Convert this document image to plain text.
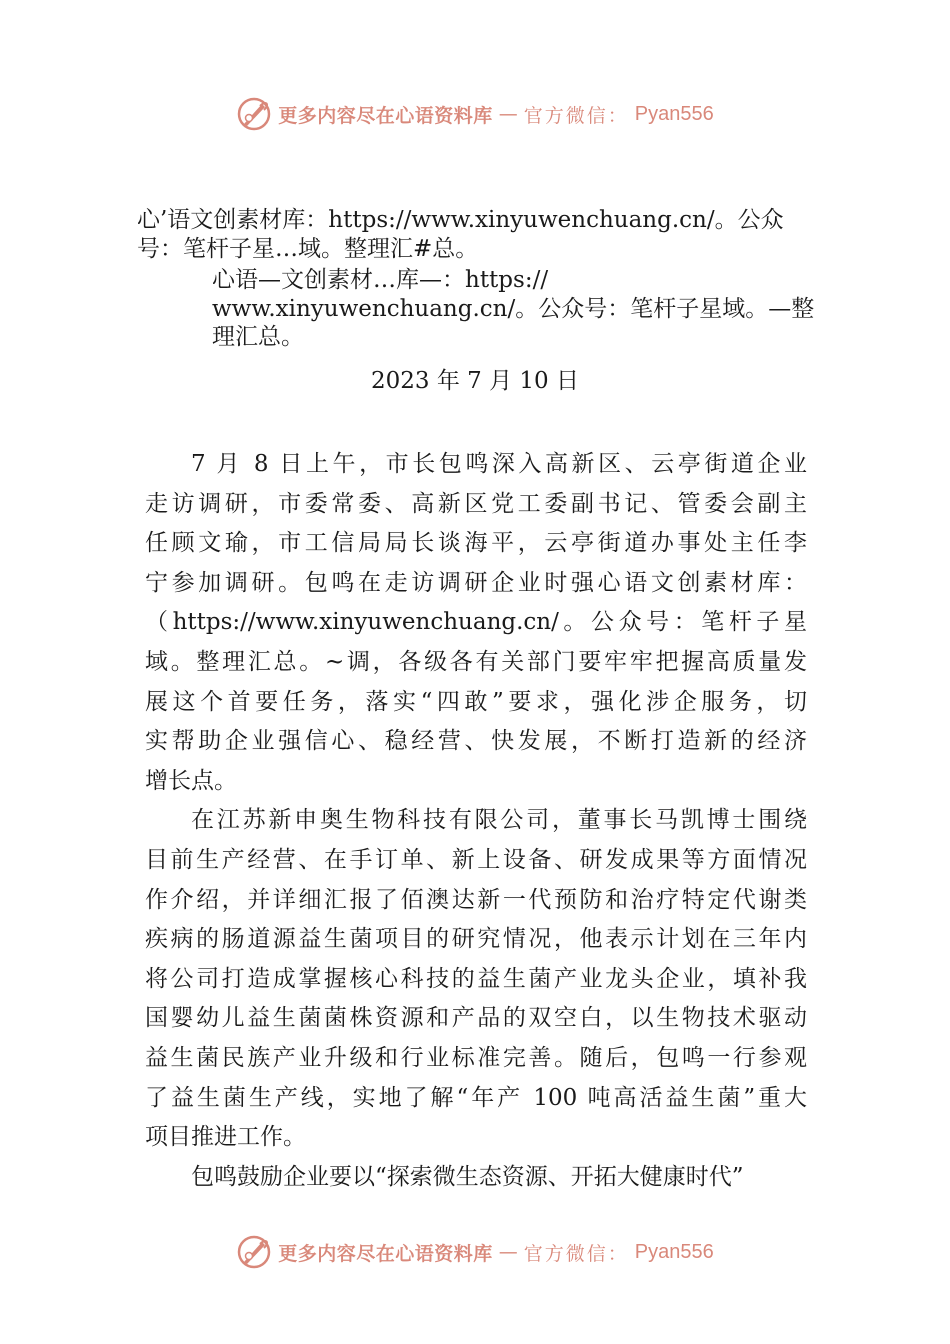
更多内容尽在心语资料库 — 官方微信： Pyan556
心’语文创素材库：https://www.xinyuwenchuang.cn/。公众
号：笔杆子星…域。整理汇#总。
心语—文创素材…库—：https://
www.xinyuwenchuang.cn/。公众号：笔杆子星域。—整
理汇总。
2023 年 7 月 10 日

7 月 8 日上午，市长包鸣深入高新区、云亭街道企业
走访调研，市委常委、高新区党工委副书记、管委会副主
任顾文瑜，市工信局局长谈海平，云亭街道办事处主任李
宁参加调研。包鸣在走访调研企业时强心语文创素材库：
（https://www.xinyuwenchuang.cn/。公众号：笔杆子星
域。整理汇总。~调，各级各有关部门要牢牢把握高质量发
展这个首要任务，落实“四敢”要求，强化涉企服务，切
实帮助企业强信心、稳经营、快发展，不断打造新的经济
增长点。

在江苏新申奥生物科技有限公司，董事长马凯博士围绕
目前生产经营、在手订单、新上设备、研发成果等方面情况
作介绍，并详细汇报了佰澳达新一代预防和治疗特定代谢类
疾病的肠道源益生菌项目的研究情况，他表示计划在三年内
将公司打造成掌握核心科技的益生菌产业龙头企业，填补我
国婴幼儿益生菌菌株资源和产品的双空白，以生物技术驱动
益生菌民族产业升级和行业标准完善。随后，包鸣一行参观
了益生菌生产线，实地了解“年产 100 吨高活益生菌”重大
项目推进工作。

包鸣鼓励企业要以“探索微生态资源、开拓大健康时代”

更多内容尽在心语资料库 — 官方微信： Pyan556
